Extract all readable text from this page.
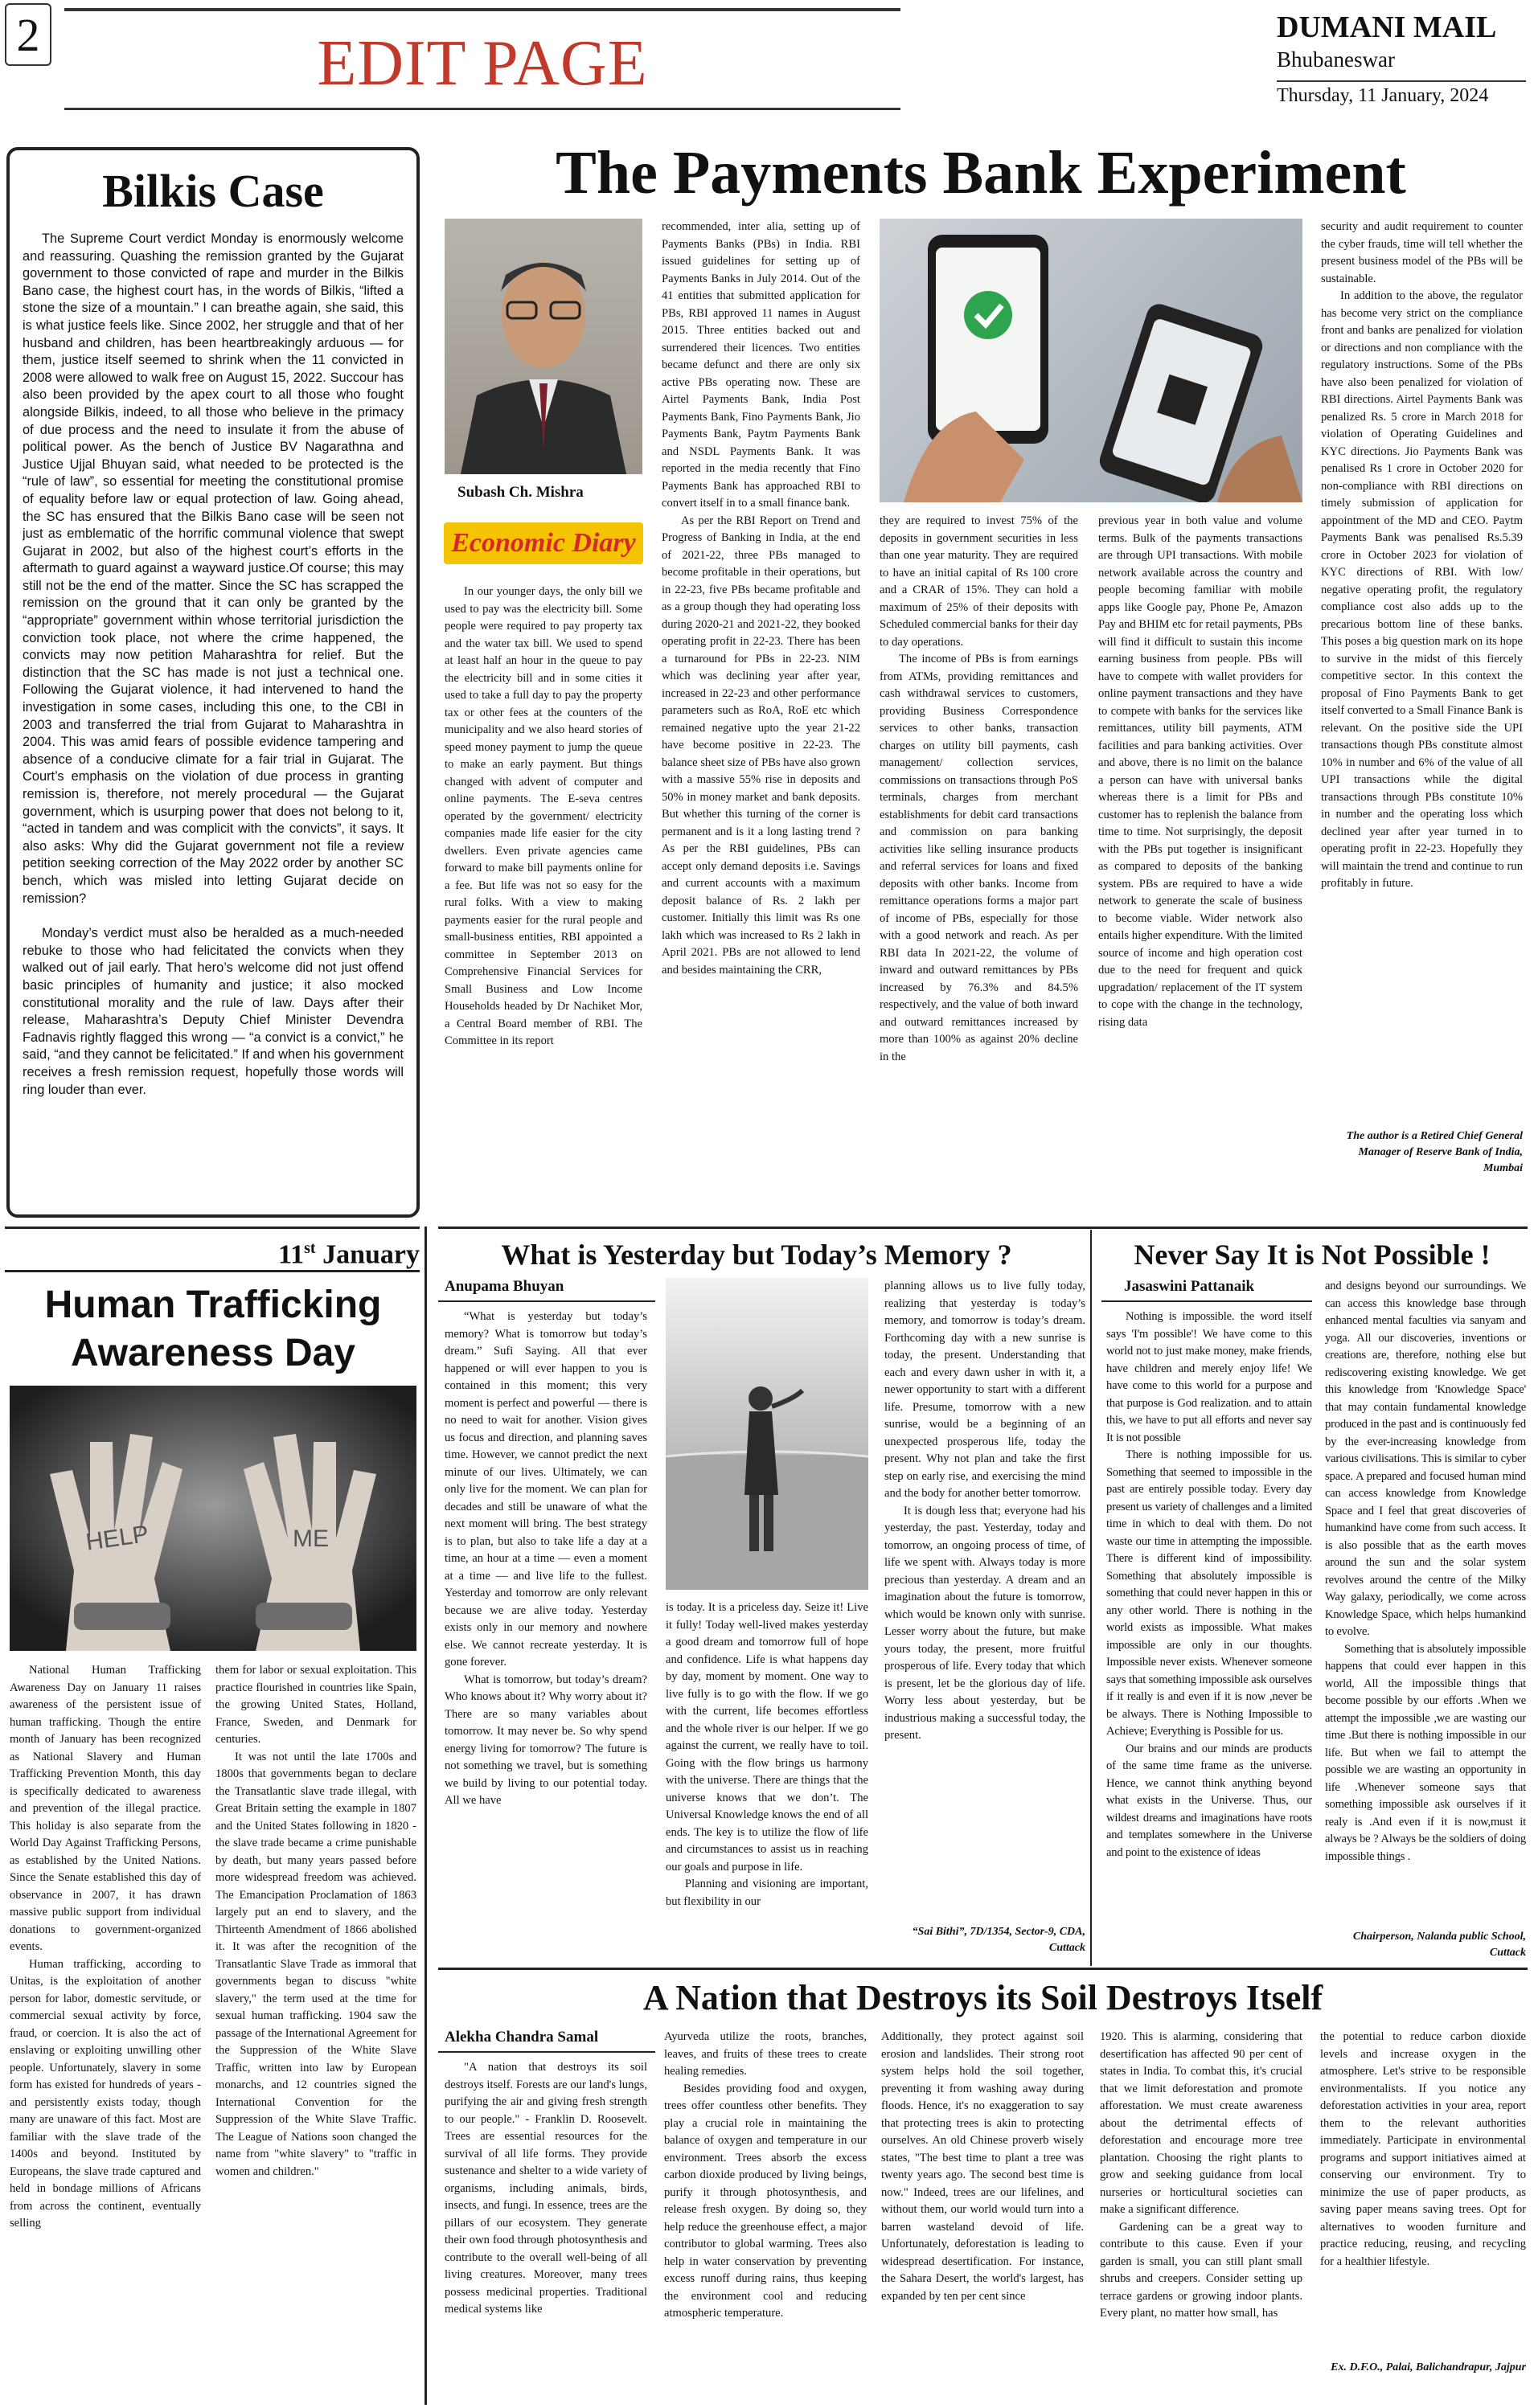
2	EDIT PAGE
DUMANI MAIL
Bhubaneswar
Thursday, 11 January, 2024
Bilkis Case

The Supreme Court verdict Monday is enormously welcome and reassuring. Quashing the remission granted by the Gujarat government to those convicted of rape and murder in the Bilkis Bano case, the highest court has, in the words of Bilkis, “lifted a stone the size of a mountain.” I can breathe again, she said, this is what justice feels like. Since 2002, her struggle and that of her husband and children, has been heartbreakingly arduous — for them, justice itself seemed to shrink when the 11 convicted in 2008 were allowed to walk free on August 15, 2022. Succour has also been provided by the apex court to all those who fought alongside Bilkis, indeed, to all those who believe in the primacy of due process and the need to insulate it from the abuse of political power. As the bench of Justice BV Nagarathna and Justice Ujjal Bhuyan said, what needed to be protected is the “rule of law”, so essential for meeting the constitutional promise of equality before law or equal protection of law. Going ahead, the SC has ensured that the Bilkis Bano case will be seen not just as emblematic of the horrific communal violence that swept Gujarat in 2002, but also of the highest court’s efforts in the aftermath to guard against a wayward justice.Of course; this may still not be the end of the matter. Since the SC has scrapped the remission on the ground that it can only be granted by the “appropriate” government within whose territorial jurisdiction the conviction took place, not where the crime happened, the convicts may now petition Maharashtra for relief. But the distinction that the SC has made is not just a technical one. Following the Gujarat violence, it had intervened to hand the investigation in some cases, including this one, to the CBI in 2003 and transferred the trial from Gujarat to Maharashtra in 2004. This was amid fears of possible evidence tampering and absence of a conducive climate for a fair trial in Gujarat. The Court’s emphasis on the violation of due process in granting remission is, therefore, not merely procedural — the Gujarat government, which is usurping power that does not belong to it, “acted in tandem and was complicit with the convicts”, it says. It also asks: Why did the Gujarat government not file a review petition seeking correction of the May 2022 order by another SC bench, which was misled into letting Gujarat decide on remission?

Monday’s verdict must also be heralded as a much-needed rebuke to those who had felicitated the convicts when they walked out of jail early. That hero’s welcome did not just offend basic principles of humanity and justice; it also mocked constitutional morality and the rule of law. Days after their release, Maharashtra’s Deputy Chief Minister Devendra Fadnavis rightly flagged this wrong — “a convict is a convict,” he said, “and they cannot be felicitated.” If and when his government receives a fresh remission request, hopefully those words will ring louder than ever.

The Payments Bank Experiment
Subash Ch. Mishra
Economic Diary

In our younger days, the only bill we used to pay was the electricity bill. Some people were required to pay property tax and the water tax bill. We used to spend at least half an hour in the queue to pay the electricity bill and in some cities it used to take a full day to pay the property tax or other fees at the counters of the municipality and we also heard stories of speed money payment to jump the queue to make an early payment. But things changed with advent of computer and online payments. The E-seva centres operated by the government/ electricity companies made life easier for the city dwellers. Even private agencies came forward to make bill payments online for a fee. But life was not so easy for the rural folks. With a view to making payments easier for the rural people and small-business entities, RBI appointed a committee in September 2013 on Comprehensive Financial Services for Small Business and Low Income Households headed by Dr Nachiket Mor, a Central Board member of RBI. The Committee in its report

recommended, inter alia, setting up of Payments Banks (PBs) in India. RBI issued guidelines for setting up of Payments Banks in July 2014. Out of the 41 entities that submitted application for PBs, RBI approved 11 names in August 2015. Three entities backed out and surrendered their licences. Two entities became defunct and there are only six active PBs operating now. These are Airtel Payments Bank, India Post Payments Bank, Fino Payments Bank, Jio Payments Bank, Paytm Payments Bank and NSDL Payments Bank. It was reported in the media recently that Fino Payments Bank has approached RBI to convert itself in to a small finance bank.

As per the RBI Report on Trend and Progress of Banking in India, at the end of 2021-22, three PBs managed to become profitable in their operations, but in 22-23, five PBs became profitable and as a group though they had operating loss during 2020-21 and 2021-22, they booked operating profit in 22-23. There has been a turnaround for PBs in 22-23. NIM which was declining year after year, increased in 22-23 and other performance parameters such as RoA, RoE etc which remained negative upto the year 21-22 have become positive in 22-23. The balance sheet size of PBs have also grown with a massive 55% rise in deposits and 50% in money market and bank deposits. But whether this turning of the corner is permanent and is it a long lasting trend ? As per the RBI guidelines, PBs can accept only demand deposits i.e. Savings and current accounts with a maximum deposit balance of Rs. 2 lakh per customer. Initially this limit was Rs one lakh which was increased to Rs 2 lakh in April 2021. PBs are not allowed to lend and besides maintaining the CRR,

they are required to invest 75% of the deposits in government securities in less than one year maturity. They are required to have an initial capital of Rs 100 crore and a CRAR of 15%. They can hold a maximum of 25% of their deposits with Scheduled commercial banks for their day to day operations.

The income of PBs is from earnings from ATMs, providing remittances and cash withdrawal services to customers, providing Business Correspondence services to other banks, transaction charges on utility bill payments, cash management/ collection services, commissions on transactions through PoS terminals, charges from merchant establishments for debit card transactions and commission on para banking activities like selling insurance products and referral services for loans and fixed deposits with other banks. Income from remittance operations forms a major part of income of PBs, especially for those with a good network and reach. As per RBI data In 2021-22, the volume of inward and outward remittances by PBs increased by 76.3% and 84.5% respectively, and the value of both inward and outward remittances increased by more than 100% as against 20% decline in the

previous year in both value and volume terms. Bulk of the payments transactions are through UPI transactions. With mobile network available across the country and people becoming familiar with mobile apps like Google pay, Phone Pe, Amazon Pay and BHIM etc for retail payments, PBs will find it difficult to sustain this income earning business from people. PBs will have to compete with wallet providers for online payment transactions and they have to compete with banks for the services like remittances, utility bill payments, ATM facilities and para banking activities. Over and above, there is no limit on the balance a person can have with universal banks whereas there is a limit for PBs and customer has to replenish the balance from time to time. Not surprisingly, the deposit with the PBs put together is insignificant as compared to deposits of the banking system. PBs are required to have a wide network to generate the scale of business to become viable. Wider network also entails higher expenditure. With the limited source of income and high operation cost due to the need for frequent and quick upgradation/ replacement of the IT system to cope with the change in the technology, rising data

security and audit requirement to counter the cyber frauds, time will tell whether the present business model of the PBs will be sustainable.

In addition to the above, the regulator has become very strict on the compliance front and banks are penalized for violation or directions and non compliance with the regulatory instructions. Some of the PBs have also been penalized for violation of RBI directions. Airtel Payments Bank was penalized Rs. 5 crore in March 2018 for violation of Operating Guidelines and KYC directions. Jio Payments Bank was penalised Rs 1 crore in October 2020 for non-compliance with RBI directions on timely submission of application for appointment of the MD and CEO. Paytm Payments Bank was penalised Rs.5.39 crore in October 2023 for violation of KYC directions of RBI. With low/ negative operating profit, the regulatory compliance cost also adds up to the precarious bottom line of these banks. This poses a big question mark on its hope to survive in the midst of this fiercely competitive sector. In this context the proposal of Fino Payments Bank to get itself converted to a Small Finance Bank is relevant. On the positive side the UPI transactions though PBs constitute almost 10% in number and 6% of the value of all UPI transactions while the digital transactions through PBs constitute 10% in number and the operating loss which declined year after year turned in to operating profit in 22-23. Hopefully they will maintain the trend and continue to run profitably in future.

The author is a Retired Chief General Manager of Reserve Bank of India, Mumbai
11st January
Human Trafficking Awareness Day
HELP	ME

National Human Trafficking Awareness Day on January 11 raises awareness of the persistent issue of human trafficking. Though the entire month of January has been recognized as National Slavery and Human Trafficking Prevention Month, this day is specifically dedicated to awareness and prevention of the illegal practice. This holiday is also separate from the World Day Against Trafficking Persons, as established by the United Nations. Since the Senate established this day of observance in 2007, it has drawn massive public support from individual donations to government-organized events.

Human trafficking, according to Unitas, is the exploitation of another person for labor, domestic servitude, or commercial sexual activity by force, fraud, or coercion. It is also the act of enslaving or exploiting unwilling other people. Unfortunately, slavery in some form has existed for hundreds of years - and persistently exists today, though many are unaware of this fact. Most are familiar with the slave trade of the 1400s and beyond. Instituted by Europeans, the slave trade captured and held in bondage millions of Africans from across the continent, eventually selling

them for labor or sexual exploitation. This practice flourished in countries like Spain, the growing United States, Holland, France, Sweden, and Denmark for centuries.

It was not until the late 1700s and 1800s that governments began to declare the Transatlantic slave trade illegal, with Great Britain setting the example in 1807 and the United States following in 1820 - the slave trade became a crime punishable by death, but many years passed before more widespread freedom was achieved. The Emancipation Proclamation of 1863 largely put an end to slavery, and the Thirteenth Amendment of 1866 abolished it. It was after the recognition of the Transatlantic Slave Trade as immoral that governments began to discuss "white slavery," the term used at the time for sexual human trafficking. 1904 saw the passage of the International Agreement for the Suppression of the White Slave Traffic, written into law by European monarchs, and 12 countries signed the International Convention for the Suppression of the White Slave Traffic. The League of Nations soon changed the name from "white slavery" to "traffic in women and children."

What is Yesterday but Today’s Memory ?
Anupama Bhuyan

“What is yesterday but today’s memory? What is tomorrow but today’s dream.” Sufi Saying. All that ever happened or will ever happen to you is contained in this moment; this very moment is perfect and powerful — there is no need to wait for another. Vision gives us focus and direction, and planning saves time. However, we cannot predict the next minute of our lives. Ultimately, we can only live for the moment. We can plan for decades and still be unaware of what the next moment will bring. The best strategy is to plan, but also to take life a day at a time, an hour at a time — even a moment at a time — and live life to the fullest. Yesterday and tomorrow are only relevant because we are alive today. Yesterday exists only in our memory and nowhere else. We cannot recreate yesterday. It is gone forever.

What is tomorrow, but today’s dream? Who knows about it? Why worry about it? There are so many variables about tomorrow. It may never be. So why spend energy living for tomorrow? The future is not something we travel, but is something we build by living to our potential today. All we have

is today. It is a priceless day. Seize it! Live it fully! Today well-lived makes yesterday a good dream and tomorrow full of hope and confidence. Life is what happens day by day, moment by moment. One way to live fully is to go with the flow. If we go with the current, life becomes effortless and the whole river is our helper. If we go against the current, we really have to toil. Going with the flow brings us harmony with the universe. There are things that the universe knows that we don’t. The Universal Knowledge knows the end of all ends. The key is to utilize the flow of life and circumstances to assist us in reaching our goals and purpose in life.

Planning and visioning are important, but flexibility in our

planning allows us to live fully today, realizing that yesterday is today’s memory, and tomorrow is today’s dream. Forthcoming day with a new sunrise is today, the present. Understanding that each and every dawn usher in with it, a newer opportunity to start with a different life. Presume, tomorrow with a new sunrise, would be a beginning of an unexpected prosperous life, today the present. Why not plan and take the first step on early rise, and exercising the mind and the body for another better tomorrow.

It is dough less that; everyone had his yesterday, the past. Yesterday, today and tomorrow, an ongoing process of time, of life we spent with. Always today is more precious than yesterday. A dream and an imagination about the future is tomorrow, which would be known only with sunrise. Lesser worry about the future, but make yours today, the present, more fruitful prosperous of life. Every today that which is present, let be the glorious day of life. Worry less about yesterday, but be industrious making a successful today, the present.

“Sai Bithi”, 7D/1354, Sector-9, CDA, Cuttack
Never Say It is Not Possible !
Jasaswini Pattanaik

Nothing is impossible. the word itself says 'I'm possible'! We have come to this world not to just make money, make friends, have children and merely enjoy life! We have come to this world for a purpose and that purpose is God realization. and to attain this, we have to put all efforts and never say It is not possible

There is nothing impossible for us. Something that seemed to impossible in the past are entirely possible today. Every day present us variety of challenges and a limited time in which to deal with them. Do not waste our time in attempting the impossible. There is different kind of impossibility. Something that absolutely impossible is something that could never happen in this or any other world. There is nothing in the world exists as impossible. What makes impossible are only in our thoughts. Impossible never exists. Whenever someone says that something impossible ask ourselves if it really is and even if it is now ,never be be always. There is Nothing Impossible to Achieve; Everything is Possible for us.

Our brains and our minds are products of the same time frame as the universe. Hence, we cannot think anything beyond what exists in the Universe. Thus, our wildest dreams and imaginations have roots and templates somewhere in the Universe and point to the existence of ideas

and designs beyond our surroundings. We can access this knowledge base through enhanced mental faculties via sanyam and yoga. All our discoveries, inventions or creations are, therefore, nothing else but rediscovering existing knowledge. We get this knowledge from 'Knowledge Space' that may contain fundamental knowledge produced in the past and is continuously fed by the ever-increasing knowledge from various civilisations. This is similar to cyber space. A prepared and focused human mind can access knowledge from Knowledge Space and I feel that great discoveries of humankind have come from such access. It is also possible that as the earth moves around the sun and the solar system revolves around the centre of the Milky Way galaxy, periodically, we come across Knowledge Space, which helps humankind to evolve.

Something that is absolutely impossible happens that could ever happen in this world, All the impossible things that become possible by our efforts .When we attempt the impossible ,we are wasting our time .But there is nothing impossible in our life. But when we fail to attempt the possible we are wasting an opportunity in life .Whenever someone says that something impossible ask ourselves if it realy is .And even if it is now,must it always be ? Always be the soldiers of doing impossible things .

Chairperson, Nalanda public School, Cuttack
A Nation that Destroys its Soil Destroys Itself
Alekha Chandra Samal

"A nation that destroys its soil destroys itself. Forests are our land's lungs, purifying the air and giving fresh strength to our people." - Franklin D. Roosevelt. Trees are essential resources for the survival of all life forms. They provide sustenance and shelter to a wide variety of organisms, including animals, birds, insects, and fungi. In essence, trees are the pillars of our ecosystem. They generate their own food through photosynthesis and contribute to the overall well-being of all living creatures. Moreover, many trees possess medicinal properties. Traditional medical systems like

Ayurveda utilize the roots, branches, leaves, and fruits of these trees to create healing remedies.

Besides providing food and oxygen, trees offer countless other benefits. They play a crucial role in maintaining the balance of oxygen and temperature in our environment. Trees absorb the excess carbon dioxide produced by living beings, purify it through photosynthesis, and release fresh oxygen. By doing so, they help reduce the greenhouse effect, a major contributor to global warming. Trees also help in water conservation by preventing excess runoff during rains, thus keeping the environment cool and reducing atmospheric temperature.

Additionally, they protect against soil erosion and landslides. Their strong root system helps hold the soil together, preventing it from washing away during floods. Hence, it's no exaggeration to say that protecting trees is akin to protecting ourselves. An old Chinese proverb wisely states, "The best time to plant a tree was twenty years ago. The second best time is now." Indeed, trees are our lifelines, and without them, our world would turn into a barren wasteland devoid of life. Unfortunately, deforestation is leading to widespread desertification. For instance, the Sahara Desert, the world's largest, has expanded by ten per cent since

1920. This is alarming, considering that desertification has affected 90 per cent of states in India. To combat this, it's crucial that we limit deforestation and promote afforestation. We must create awareness about the detrimental effects of deforestation and encourage more tree plantation. Choosing the right plants to grow and seeking guidance from local nurseries or horticultural societies can make a significant difference.

Gardening can be a great way to contribute to this cause. Even if your garden is small, you can still plant small shrubs and creepers. Consider setting up terrace gardens or growing indoor plants. Every plant, no matter how small, has

the potential to reduce carbon dioxide levels and increase oxygen in the atmosphere. Let's strive to be responsible environmentalists. If you notice any deforestation activities in your area, report them to the relevant authorities immediately. Participate in environmental programs and support initiatives aimed at conserving our environment. Try to minimize the use of paper products, as saving paper means saving trees. Opt for alternatives to wooden furniture and practice reducing, reusing, and recycling for a healthier lifestyle.

Ex. D.F.O., Palai, Balichandrapur, Jajpur
